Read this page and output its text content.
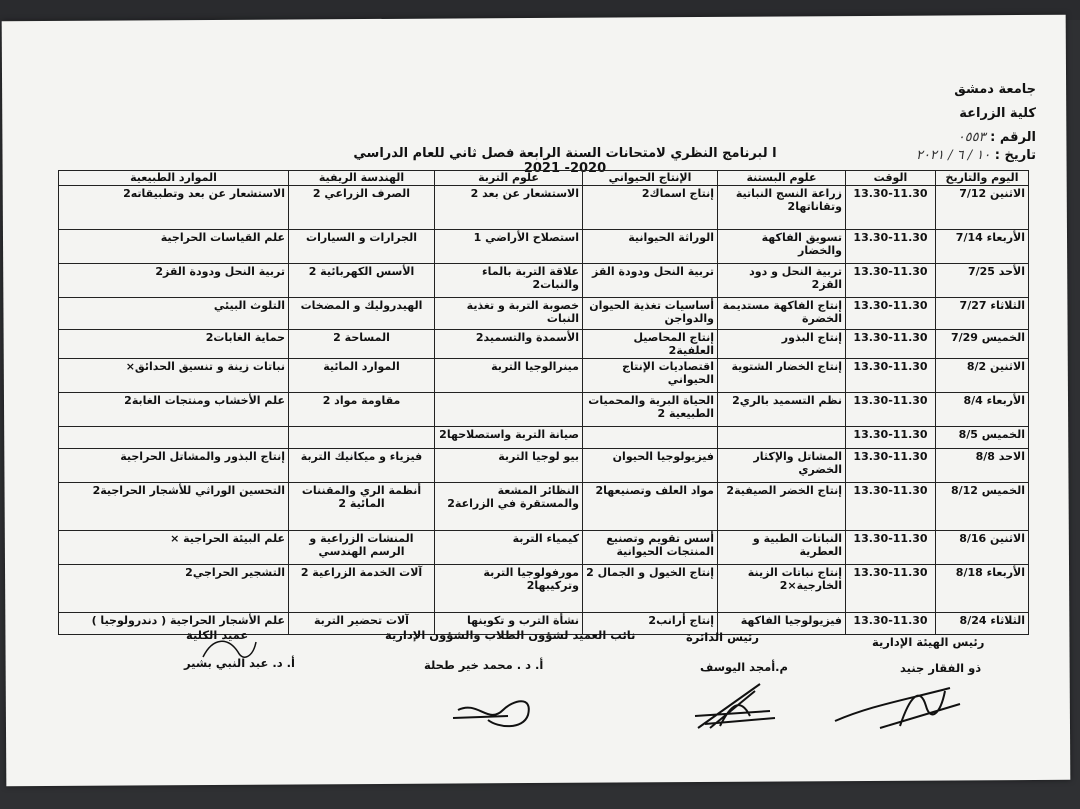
جامعة دمشق
كلية الزراعة
الرقم : ٠٥٥٣
تاريخ : ١٠ / ٦ / ٢٠٢١
ا لبرنامج النظري لامتحانات السنة الرابعة فصل ثاني للعام الدراسي 2020- 2021
اليوم والتاريخ	الوقت	علوم البستنة	الإنتاج الحيواني	علوم التربة	الهندسة الريفية	الموارد الطبيعية
الاثنين 7/12	13.30-11.30	زراعة النسج النباتية وتقاناتها2	إنتاج اسماك2	الاستشعار عن بعد 2	الصرف الزراعي 2	الاستشعار عن بعد وتطبيقاته2
الأربعاء 7/14	13.30-11.30	تسويق الفاكهة والخضار	الوراثة الحيوانية	استصلاح الأراضي 1	الجرارات و السيارات	علم القياسات الحراجية
الأحد 7/25	13.30-11.30	تربية النحل و دود القز2	تربية النحل ودودة القز	علاقة التربة بالماء والنبات2	الأسس الكهربائية 2	تربية النحل ودودة القز2
الثلاثاء 7/27	13.30-11.30	إنتاج الفاكهة مستديمة الخضرة	أساسيات تغذية الحيوان والدواجن	خصوبة التربة و تغذية النبات	الهيدروليك و المضخات	التلوث البيئي
الخميس 7/29	13.30-11.30	إنتاج البذور	إنتاج المحاصيل العلفية2	الأسمدة والتسميد2	المساحة 2	حماية الغابات2
الاثنين 8/2	13.30-11.30	إنتاج الخضار الشتوية	اقتصاديات الإنتاج الحيواني	مينرالوجيا التربة	الموارد المائية	نباتات زينة و تنسيق الحدائق×
الأربعاء 8/4	13.30-11.30	نظم التسميد بالري2	الحياة البرية والمحميات الطبيعية 2		مقاومة مواد 2	علم الأخشاب ومنتجات الغابة2
الخميس 8/5	13.30-11.30			صيانة التربة واستصلاحها2		
الاحد 8/8	13.30-11.30	المشاتل والإكثار الخضري	فيزيولوجيا الحيوان	بيو لوجيا التربة	فيزياء و ميكانيك التربة	إنتاج البذور والمشاتل الحراجية
الخميس 8/12	13.30-11.30	إنتاج الخضر الصيفية2	مواد العلف وتصنيعها2	النظائر المشعة والمستقرة في الزراعة2	أنظمة الري والمقننات المائية 2	التحسين الوراثي للأشجار الحراجية2
الاثنين 8/16	13.30-11.30	النباتات الطبية و العطرية	أسس تقويم وتصنيع المنتجات الحيوانية	كيمياء التربة	المنشات الزراعية و الرسم الهندسي	علم البيئة الحراجية ×
الأربعاء 8/18	13.30-11.30	إنتاج نباتات الزينة الخارجية×2	إنتاج الخيول و الجمال 2	مورفولوجيا التربة وتركيبها2	آلات الخدمة الزراعية 2	التشجير الحراجي2
الثلاثاء 8/24	13.30-11.30	فيزيولوجيا الفاكهة	إنتاج أرانب2	نشأة الترب و تكوينها	آلات تحضير التربة	علم الأشجار الحراجية ( دندرولوجيا )
رئيس الهيئة الإدارية
ذو الفقار جنيد
رئيس الدائرة
م.أمجد اليوسف
نائب العميد لشؤون الطلاب والشؤون الإدارية
أ. د . محمد خير طحلة
عميد الكلية
أ. د. عبد النبي بشير
